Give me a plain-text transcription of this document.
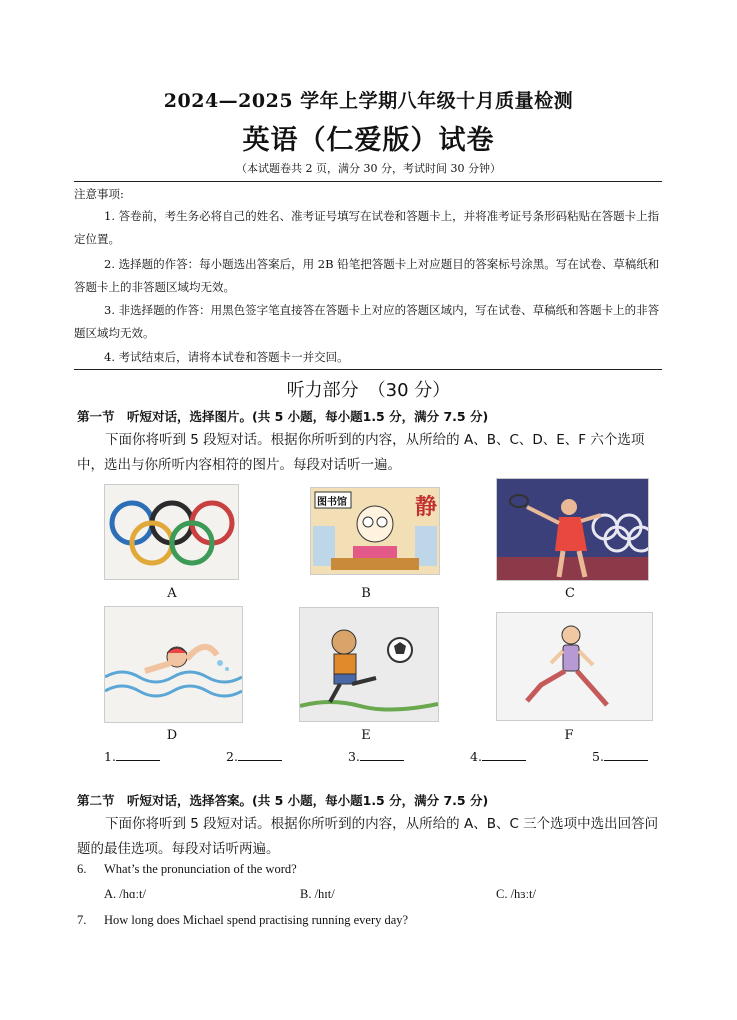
2024—2025 学年上学期八年级十月质量检测
英语（仁爱版）试卷
（本试题卷共 2 页，满分 30 分，考试时间 30 分钟）
注意事项:
1. 答卷前，考生务必将自己的姓名、准考证号填写在试卷和答题卡上，并将准考证号条形码粘贴在答题卡上指定位置。
2. 选择题的作答：每小题选出答案后，用 2B 铅笔把答题卡上对应题目的答案标号涂黑。写在试卷、草稿纸和答题卡上的非答题区域均无效。
3. 非选择题的作答：用黑色签字笔直接答在答题卡上对应的答题区域内，写在试卷、草稿纸和答题卡上的非答题区域均无效。
4. 考试结束后，请将本试卷和答题卡一并交回。
听力部分　（30 分）
第一节　听短对话，选择图片。(共 5 小题，每小题1.5 分，满分 7.5 分)
下面你将听到 5 段短对话。根据你所听到的内容，从所给的 A、B、C、D、E、F 六个选项中，选出与你所听内容相符的图片。每段对话听一遍。
A
图书馆	静
B	C
D	E	F
1.	2.	3.	4.	5.
第二节　听短对话，选择答案。(共 5 小题，每小题1.5 分，满分 7.5 分)
下面你将听到 5 段短对话。根据你所听到的内容，从所给的 A、B、C 三个选项中选出回答问题的最佳选项。每段对话听两遍。
6. What’s the pronunciation of the word?
A. /hɑːt/	B. /hɪt/	C. /hɜːt/
7. How long does Michael spend practising running every day?
